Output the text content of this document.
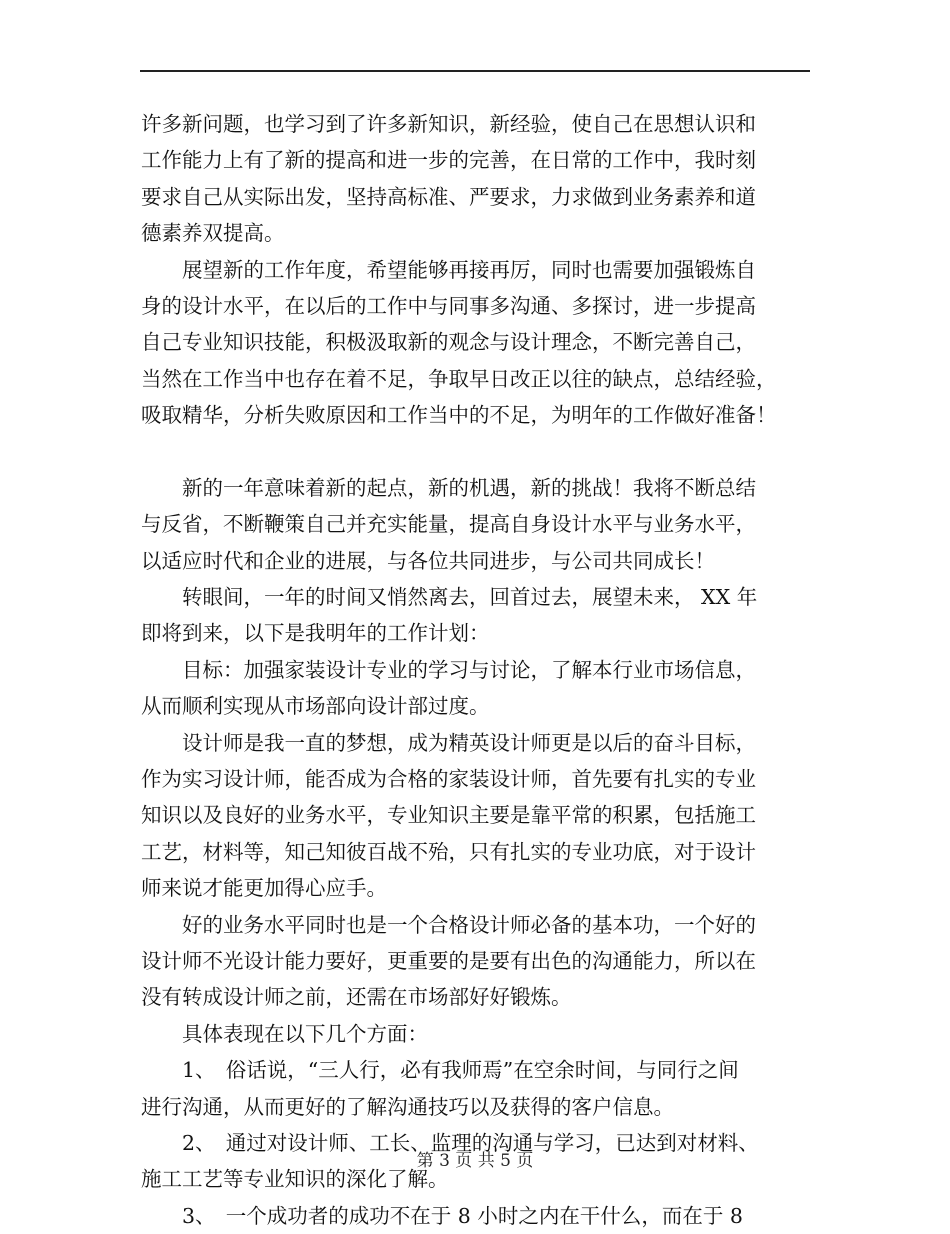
许多新问题，也学习到了许多新知识，新经验，使自己在思想认识和
工作能力上有了新的提高和进一步的完善，在日常的工作中，我时刻
要求自己从实际出发，坚持高标准、严要求，力求做到业务素养和道
德素养双提高。
　　展望新的工作年度，希望能够再接再厉，同时也需要加强锻炼自
身的设计水平，在以后的工作中与同事多沟通、多探讨，进一步提高
自己专业知识技能，积极汲取新的观念与设计理念，不断完善自己，
当然在工作当中也存在着不足，争取早日改正以往的缺点，总结经验，
吸取精华，分析失败原因和工作当中的不足，为明年的工作做好准备！
　　新的一年意味着新的起点，新的机遇，新的挑战！我将不断总结
与反省，不断鞭策自己并充实能量，提高自身设计水平与业务水平，
以适应时代和企业的进展，与各位共同进步，与公司共同成长！
　　转眼间，一年的时间又悄然离去，回首过去，展望未来， XX 年
即将到来，以下是我明年的工作计划：
　　目标：加强家装设计专业的学习与讨论，了解本行业市场信息，
从而顺利实现从市场部向设计部过度。
　　设计师是我一直的梦想，成为精英设计师更是以后的奋斗目标，
作为实习设计师，能否成为合格的家装设计师，首先要有扎实的专业
知识以及良好的业务水平，专业知识主要是靠平常的积累，包括施工
工艺，材料等，知己知彼百战不殆，只有扎实的专业功底，对于设计
师来说才能更加得心应手。
　　好的业务水平同时也是一个合格设计师必备的基本功，一个好的
设计师不光设计能力要好，更重要的是要有出色的沟通能力，所以在
没有转成设计师之前，还需在市场部好好锻炼。
　　具体表现在以下几个方面：
　　1、　俗话说，“三人行，必有我师焉”在空余时间，与同行之间
进行沟通，从而更好的了解沟通技巧以及获得的客户信息。
　　2、　通过对设计师、工长、监理的沟通与学习，已达到对材料、
施工工艺等专业知识的深化了解。
　　3、　一个成功者的成功不在于 8 小时之内在干什么，而在于 8
第 3 页 共 5 页
